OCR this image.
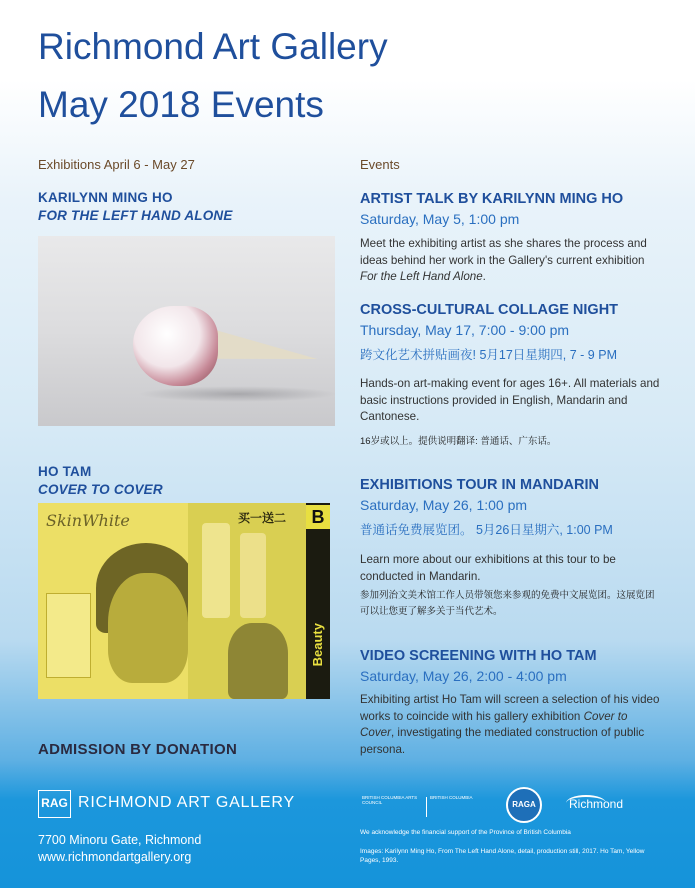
Richmond Art Gallery
May 2018 Events
Exhibitions April 6 - May 27	Events
KARILYNN MING HO
FOR THE LEFT HAND ALONE
HO TAM
COVER TO COVER
SkinWhite	买一送二	B
Beauty
ARTIST TALK BY KARILYNN MING HO
Saturday, May 5, 1:00 pm
Meet the exhibiting artist as she shares the process and ideas behind her work in the Gallery's current exhibition For the Left Hand Alone.
CROSS-CULTURAL COLLAGE NIGHT
Thursday, May 17, 7:00 - 9:00 pm
跨文化艺术拼贴画夜! 5月17日星期四, 7 - 9 PM
Hands-on art-making event for ages 16+. All materials and basic instructions provided in English, Mandarin and Cantonese.
16岁或以上。提供说明翻译: 普通话、广东话。
EXHIBITIONS TOUR IN MANDARIN
Saturday, May 26, 1:00 pm
普通话免费展览团。 5月26日星期六, 1:00 PM
Learn more about our exhibitions at this tour to be conducted in Mandarin.
参加列治文美术馆工作人员带领您来参观的免费中文展览团。这展览团可以让您更了解多关于当代艺术。
VIDEO SCREENING WITH HO TAM
Saturday, May 26, 2:00 - 4:00 pm
Exhibiting artist Ho Tam will screen a selection of his video works to coincide with his gallery exhibition Cover to Cover, investigating the mediated construction of public persona.
ADMISSION BY DONATION
RAG RICHMOND ART GALLERY
7700 Minoru Gate, Richmond
www.richmondartgallery.org
BRITISH COLUMBIA ARTS COUNCIL
BRITISH COLUMBIA
RAGA	Richmond
We acknowledge the financial support of the Province of British Columbia
Images: Karilynn Ming Ho, From The Left Hand Alone, detail, production still, 2017. Ho Tam, Yellow Pages, 1993.
